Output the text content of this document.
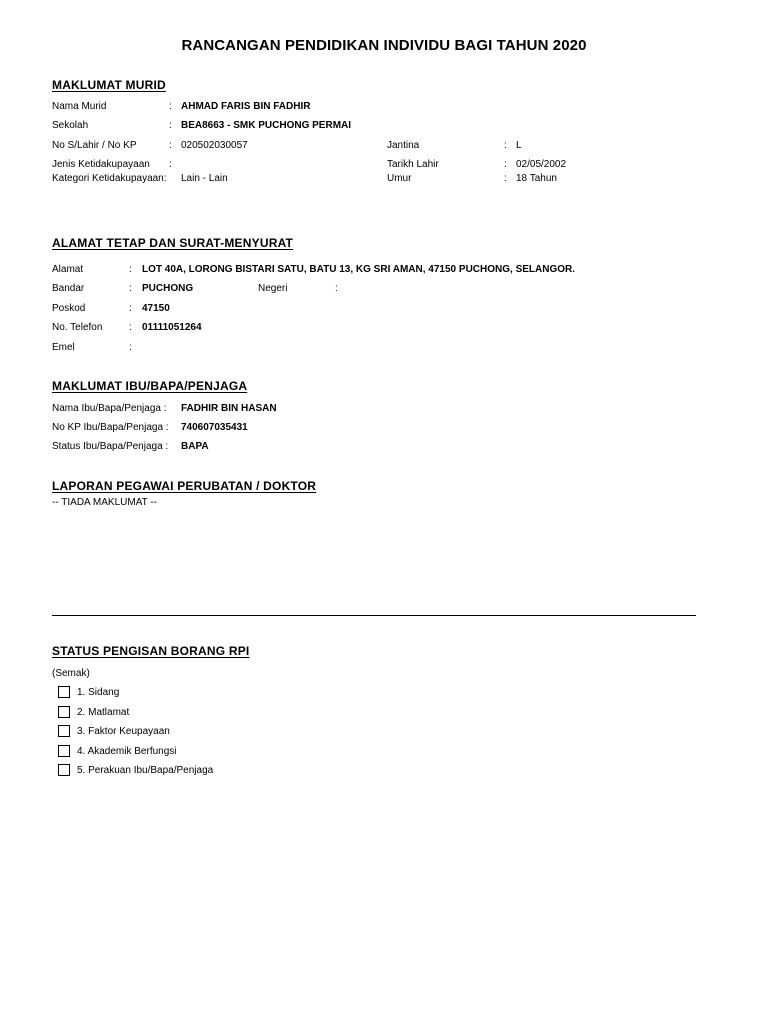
RANCANGAN PENDIDIKAN INDIVIDU BAGI TAHUN 2020
MAKLUMAT MURID
Nama Murid	: AHMAD FARIS BIN FADHIR
Sekolah	: BEA8663 - SMK PUCHONG PERMAI
No S/Lahir / No KP	: 020502030057	Jantina	: L
Jenis Ketidakupayaan :	Tarikh Lahir	: 02/05/2002
Kategori Ketidakupayaan: Lain - Lain	Umur	: 18 Tahun
ALAMAT TETAP DAN SURAT-MENYURAT
Alamat	: LOT 40A, LORONG BISTARI SATU, BATU 13, KG SRI AMAN, 47150 PUCHONG, SELANGOR.
Bandar	: PUCHONG	Negeri	:
Poskod	: 47150
No. Telefon	: 01111051264
Emel	:
MAKLUMAT IBU/BAPA/PENJAGA
Nama Ibu/Bapa/Penjaga : FADHIR BIN HASAN
No KP Ibu/Bapa/Penjaga : 740607035431
Status Ibu/Bapa/Penjaga : BAPA
LAPORAN PEGAWAI PERUBATAN / DOKTOR
-- TIADA MAKLUMAT --
STATUS PENGISAN BORANG RPI
(Semak)
1. Sidang
2. Matlamat
3. Faktor Keupayaan
4. Akademik Berfungsi
5. Perakuan Ibu/Bapa/Penjaga
